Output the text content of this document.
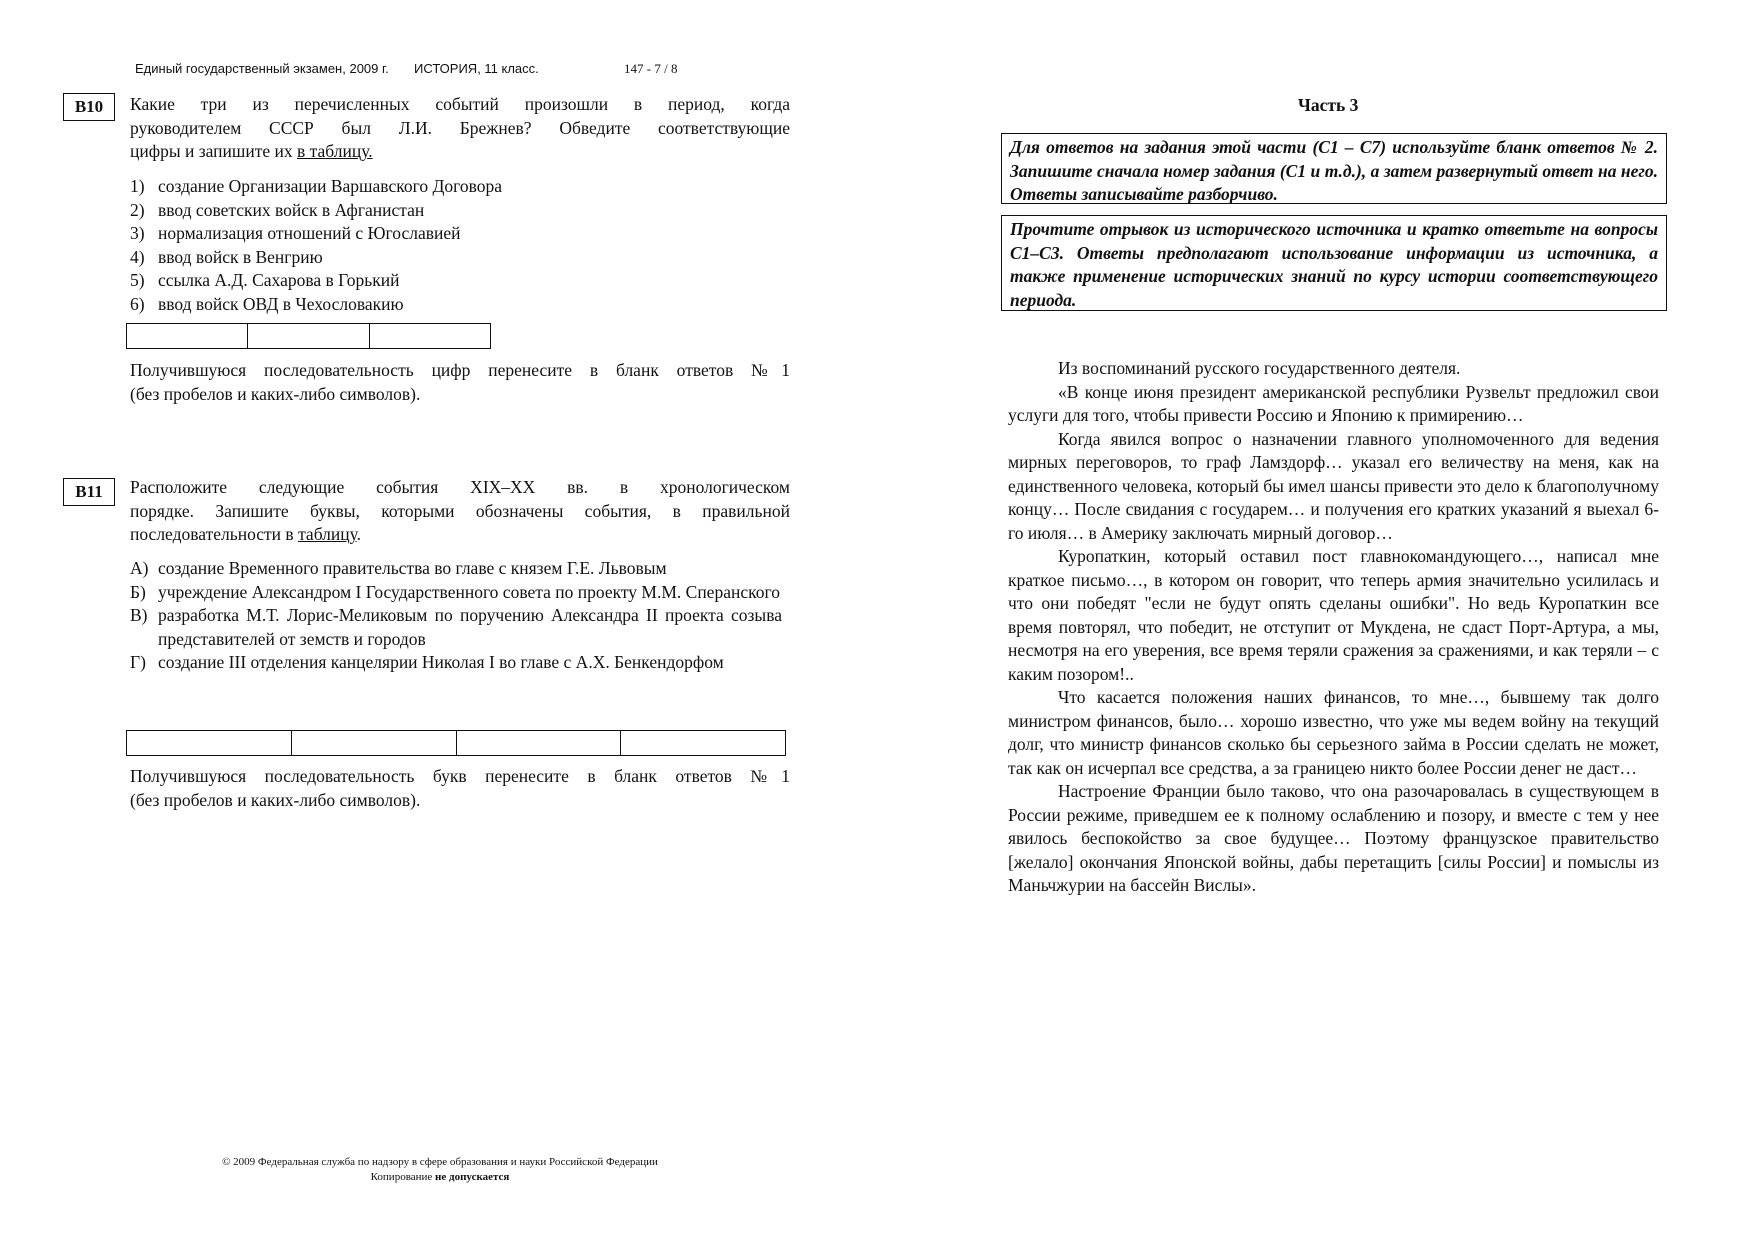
Единый государственный экзамен, 2009 г. ИСТОРИЯ, 11 класс.	147 - 7 / 8
B10	Какие три из перечисленных событий произошли в период, когда
руководителем СССР был Л.И. Брежнев? Обведите соответствующие
цифры и запишите их в таблицу.
1) создание Организации Варшавского Договора
2) ввод советских войск в Афганистан
3) нормализация отношений с Югославией
4) ввод войск в Венгрию
5) ссылка А.Д. Сахарова в Горький
6) ввод войск ОВД в Чехословакию
Получившуюся последовательность цифр перенесите в бланк ответов №1
(без пробелов и каких-либо символов).
B11	Расположите следующие события XIX–XX вв. в хронологическом
порядке. Запишите буквы, которыми обозначены события, в правильной
последовательности в таблицу.
А) создание Временного правительства во главе с князем Г.Е. Львовым
Б) учреждение Александром I Государственного совета по проекту М.М. Сперанского
В) разработка М.Т. Лорис-Меликовым по поручению Александра II проекта созыва представителей от земств и городов
Г) создание III отделения канцелярии Николая I во главе с А.Х. Бенкендорфом
Получившуюся последовательность букв перенесите в бланк ответов №1
(без пробелов и каких-либо символов).
Часть 3
Для ответов на задания этой части (С1 – С7) используйте бланк ответов № 2. Запишите сначала номер задания (С1 и т.д.), а затем развернутый ответ на него. Ответы записывайте разборчиво.
Прочтите отрывок из исторического источника и кратко ответьте на вопросы С1–С3. Ответы предполагают использование информации из источника, а также применение исторических знаний по курсу истории соответствующего периода.

Из воспоминаний русского государственного деятеля.

«В конце июня президент американской республики Рузвельт предложил свои услуги для того, чтобы привести Россию и Японию к примирению…

Когда явился вопрос о назначении главного уполномоченного для ведения мирных переговоров, то граф Ламздорф… указал его величеству на меня, как на единственного человека, который бы имел шансы привести это дело к благополучному концу… После свидания с государем… и получения его кратких указаний я выехал 6-го июля… в Америку заключать мирный договор…

Куропаткин, который оставил пост главнокомандующего…, написал мне краткое письмо…, в котором он говорит, что теперь армия значительно усилилась и что они победят "если не будут опять сделаны ошибки". Но ведь Куропаткин все время повторял, что победит, не отступит от Мукдена, не сдаст Порт-Артура, а мы, несмотря на его уверения, все время теряли сражения за сражениями, и как теряли – с каким позором!..

Что касается положения наших финансов, то мне…, бывшему так долго министром финансов, было… хорошо известно, что уже мы ведем войну на текущий долг, что министр финансов сколько бы серьезного займа в России сделать не может, так как он исчерпал все средства, а за границею никто более России денег не даст…

Настроение Франции было таково, что она разочаровалась в существующем в России режиме, приведшем ее к полному ослаблению и позору, и вместе с тем у нее явилось беспокойство за свое будущее… Поэтому французское правительство [желало] окончания Японской войны, дабы перетащить [силы России] и помыслы из Маньчжурии на бассейн Вислы».

© 2009 Федеральная служба по надзору в сфере образования и науки Российской Федерации
Копирование не допускается
